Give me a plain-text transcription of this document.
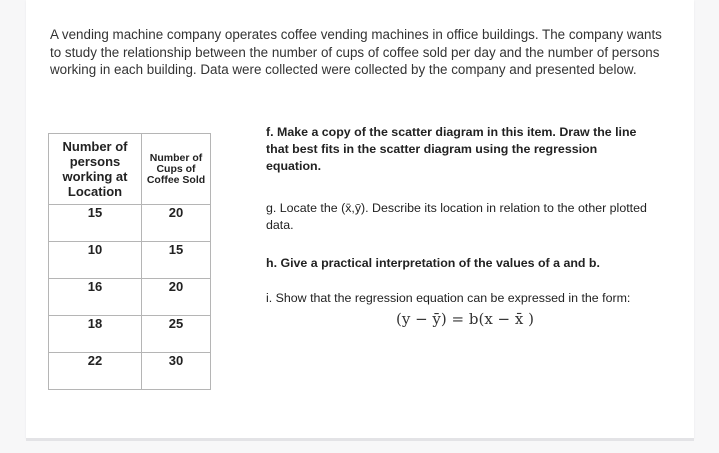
A vending machine company operates coffee vending machines in office buildings. The company wants to study the relationship between the number of cups of coffee sold per day and the number of persons working in each building. Data were collected were collected by the company and presented below.
Number of persons working at Location	Number of Cups of Coffee Sold
15	20
10	15
16	20
18	25
22	30
f. Make a copy of the scatter diagram in this item. Draw the line that best fits in the scatter diagram using the regression equation.
g. Locate the (x̄,ȳ). Describe its location in relation to the other plotted data.
h. Give a practical interpretation of the values of a and b.
i. Show that the regression equation can be expressed in the form:
(y − ȳ) = b(x − x̄ )
